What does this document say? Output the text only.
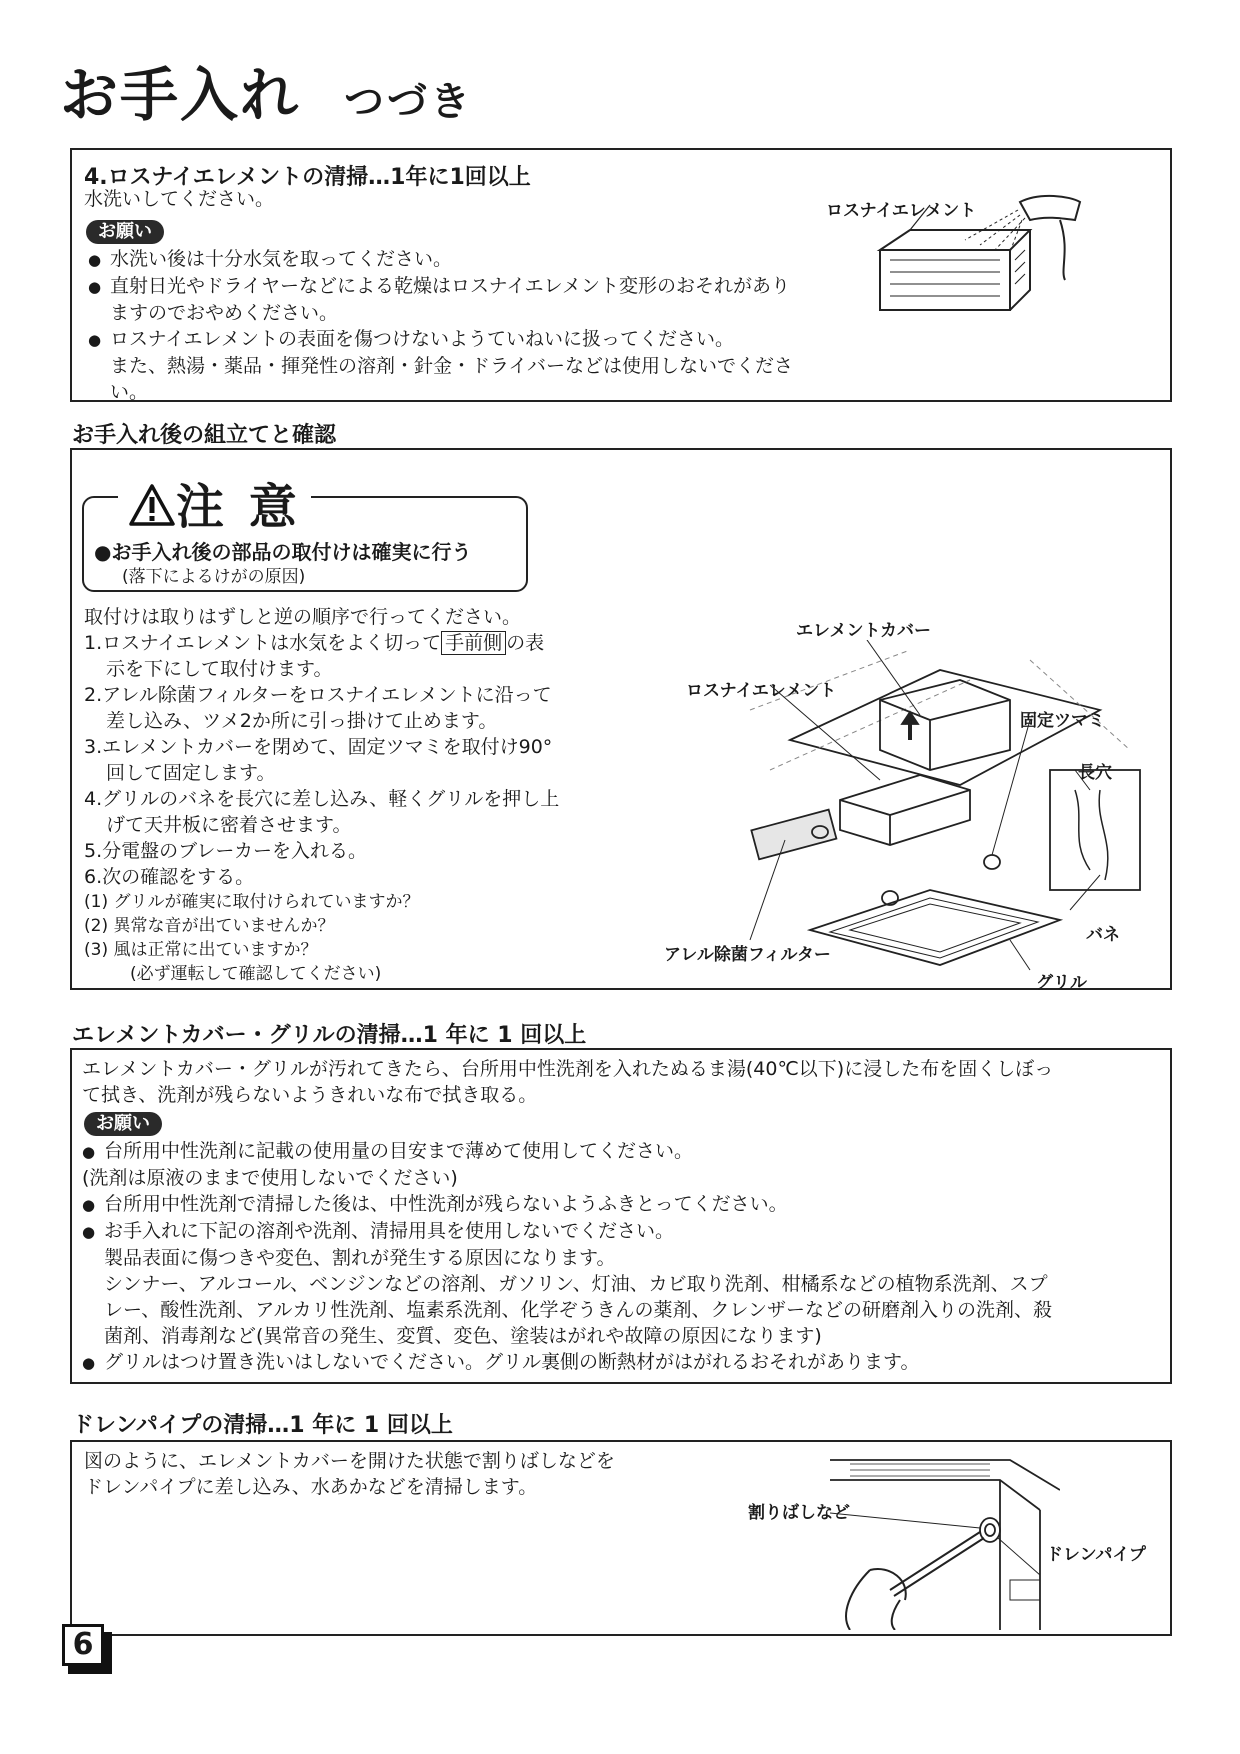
お手入れ つづき
4.ロスナイエレメントの清掃…1年に1回以上
水洗いしてください。
お願い
● 水洗い後は十分水気を取ってください。
● 直射日光やドライヤーなどによる乾燥はロスナイエレメント変形のおそれがありますのでおやめください。
● ロスナイエレメントの表面を傷つけないようていねいに扱ってください。
また、熱湯・薬品・揮発性の溶剤・針金・ドライバーなどは使用しないでください。
ロスナイエレメント
お手入れ後の組立てと確認
注 意
●お手入れ後の部品の取付けは確実に行う
(落下によるけがの原因)
取付けは取りはずしと逆の順序で行ってください。
1.ロスナイエレメントは水気をよく切って 手前側 の表
示を下にして取付けます。
2.アレル除菌フィルターをロスナイエレメントに沿って
差し込み、ツメ2か所に引っ掛けて止めます。
3.エレメントカバーを閉めて、固定ツマミを取付け90°
回して固定します。
4.グリルのバネを長穴に差し込み、軽くグリルを押し上
げて天井板に密着させます。
5.分電盤のブレーカーを入れる。
6.次の確認をする。
(1) グリルが確実に取付けられていますか？
(2) 異常な音が出ていませんか？
(3) 風は正常に出ていますか？
(必ず運転して確認してください)
エレメントカバー
ロスナイエレメント
固定ツマミ
長穴
バネ
アレル除菌フィルター
グリル
エレメントカバー・グリルの清掃…1 年に 1 回以上
エレメントカバー・グリルが汚れてきたら、台所用中性洗剤を入れたぬるま湯(40℃以下)に浸した布を固くしぼっ
て拭き、洗剤が残らないようきれいな布で拭き取る。
お願い
● 台所用中性洗剤に記載の使用量の目安まで薄めて使用してください。
(洗剤は原液のままで使用しないでください)
● 台所用中性洗剤で清掃した後は、中性洗剤が残らないようふきとってください。
● お手入れに下記の溶剤や洗剤、清掃用具を使用しないでください。
製品表面に傷つきや変色、割れが発生する原因になります。
シンナー、アルコール、ベンジンなどの溶剤、ガソリン、灯油、カビ取り洗剤、柑橘系などの植物系洗剤、スプ
レー、酸性洗剤、アルカリ性洗剤、塩素系洗剤、化学ぞうきんの薬剤、クレンザーなどの研磨剤入りの洗剤、殺
菌剤、消毒剤など(異常音の発生、変質、変色、塗装はがれや故障の原因になります)
● グリルはつけ置き洗いはしないでください。グリル裏側の断熱材がはがれるおそれがあります。
ドレンパイプの清掃…1 年に 1 回以上
図のように、エレメントカバーを開けた状態で割りばしなどを
ドレンパイプに差し込み、水あかなどを清掃します。
割りばしなど
ドレンパイプ
6
